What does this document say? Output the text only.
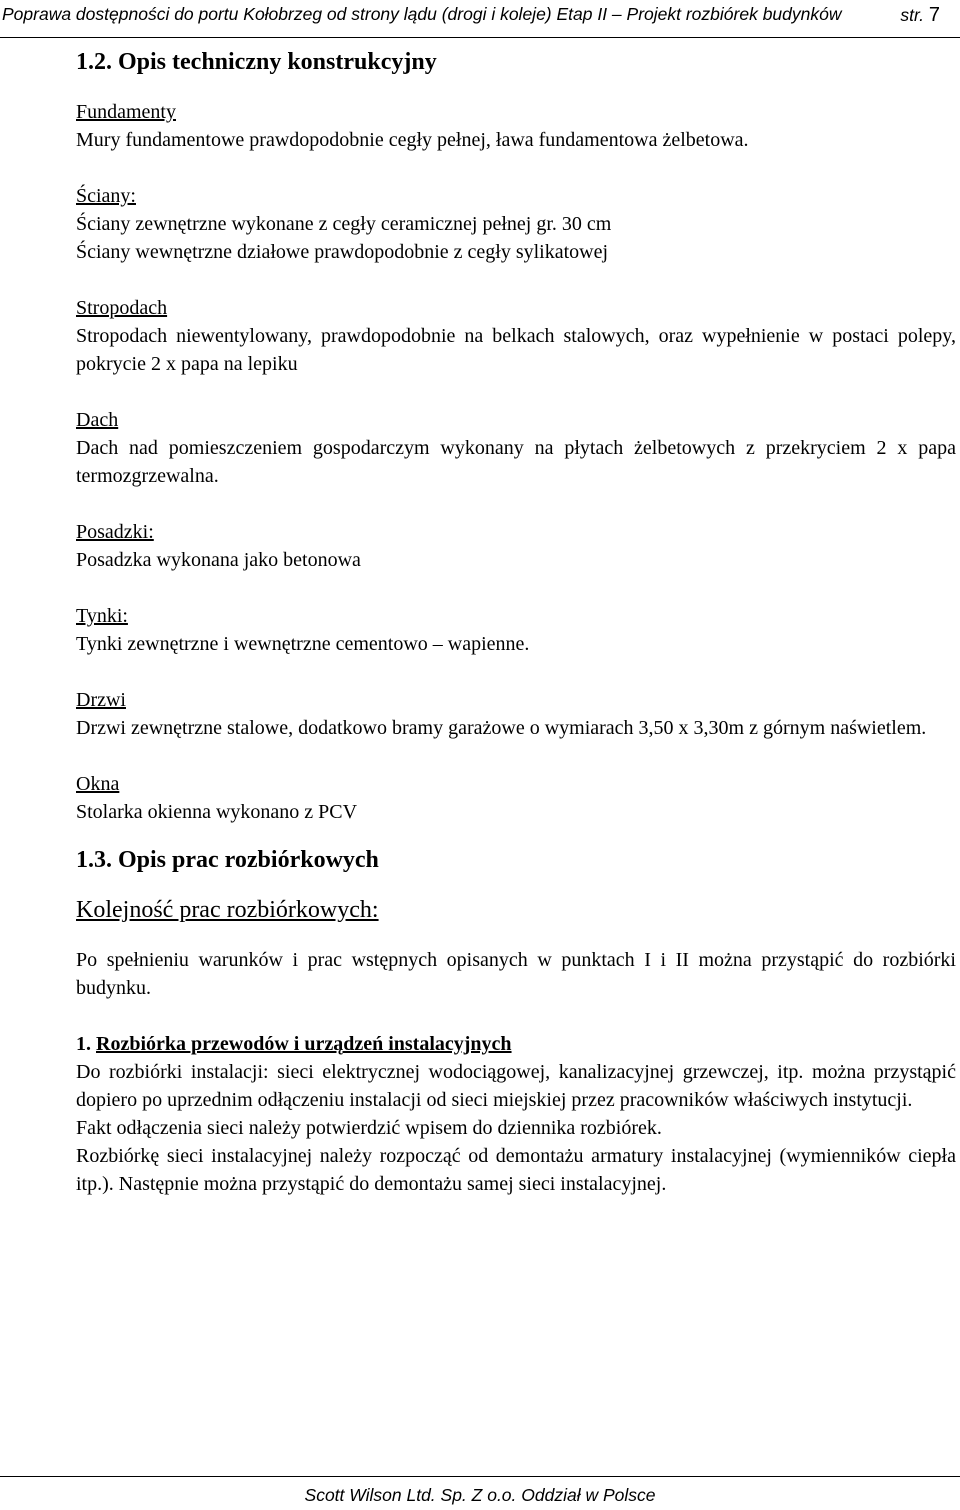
Poprawa dostępności do portu Kołobrzeg od strony lądu (drogi i koleje) Etap II – Projekt rozbiórek budynków	str. 7
1.2. Opis techniczny konstrukcyjny
Fundamenty

Mury fundamentowe prawdopodobnie cegły pełnej, ława fundamentowa żelbetowa.

Ściany:

Ściany zewnętrzne wykonane z cegły ceramicznej pełnej gr. 30 cm

Ściany wewnętrzne działowe prawdopodobnie z cegły sylikatowej

Stropodach

Stropodach niewentylowany, prawdopodobnie na belkach stalowych, oraz wypełnienie w postaci polepy, pokrycie 2 x papa na lepiku

Dach

Dach nad pomieszczeniem gospodarczym wykonany na płytach żelbetowych z przekryciem 2 x papa termozgrzewalna.

Posadzki:

Posadzka wykonana jako betonowa

Tynki:

Tynki zewnętrzne i wewnętrzne cementowo – wapienne.

Drzwi

Drzwi zewnętrzne stalowe, dodatkowo bramy garażowe o wymiarach 3,50 x 3,30m z górnym naświetlem.

Okna

Stolarka okienna wykonano z PCV

1.3. Opis prac rozbiórkowych
Kolejność prac rozbiórkowych:

Po spełnieniu warunków i prac wstępnych opisanych w punktach I i II można przystąpić do rozbiórki budynku.

1. Rozbiórka przewodów i urządzeń instalacyjnych

Do rozbiórki instalacji: sieci elektrycznej wodociągowej, kanalizacyjnej grzewczej, itp. można przystąpić dopiero po uprzednim odłączeniu instalacji od sieci miejskiej przez pracowników właściwych instytucji.

Fakt odłączenia sieci należy potwierdzić wpisem do dziennika rozbiórek.

Rozbiórkę sieci instalacyjnej należy rozpocząć od demontażu armatury instalacyjnej (wymienników ciepła itp.). Następnie można przystąpić do demontażu samej sieci instalacyjnej.

Scott Wilson Ltd. Sp. Z o.o. Oddział w Polsce
